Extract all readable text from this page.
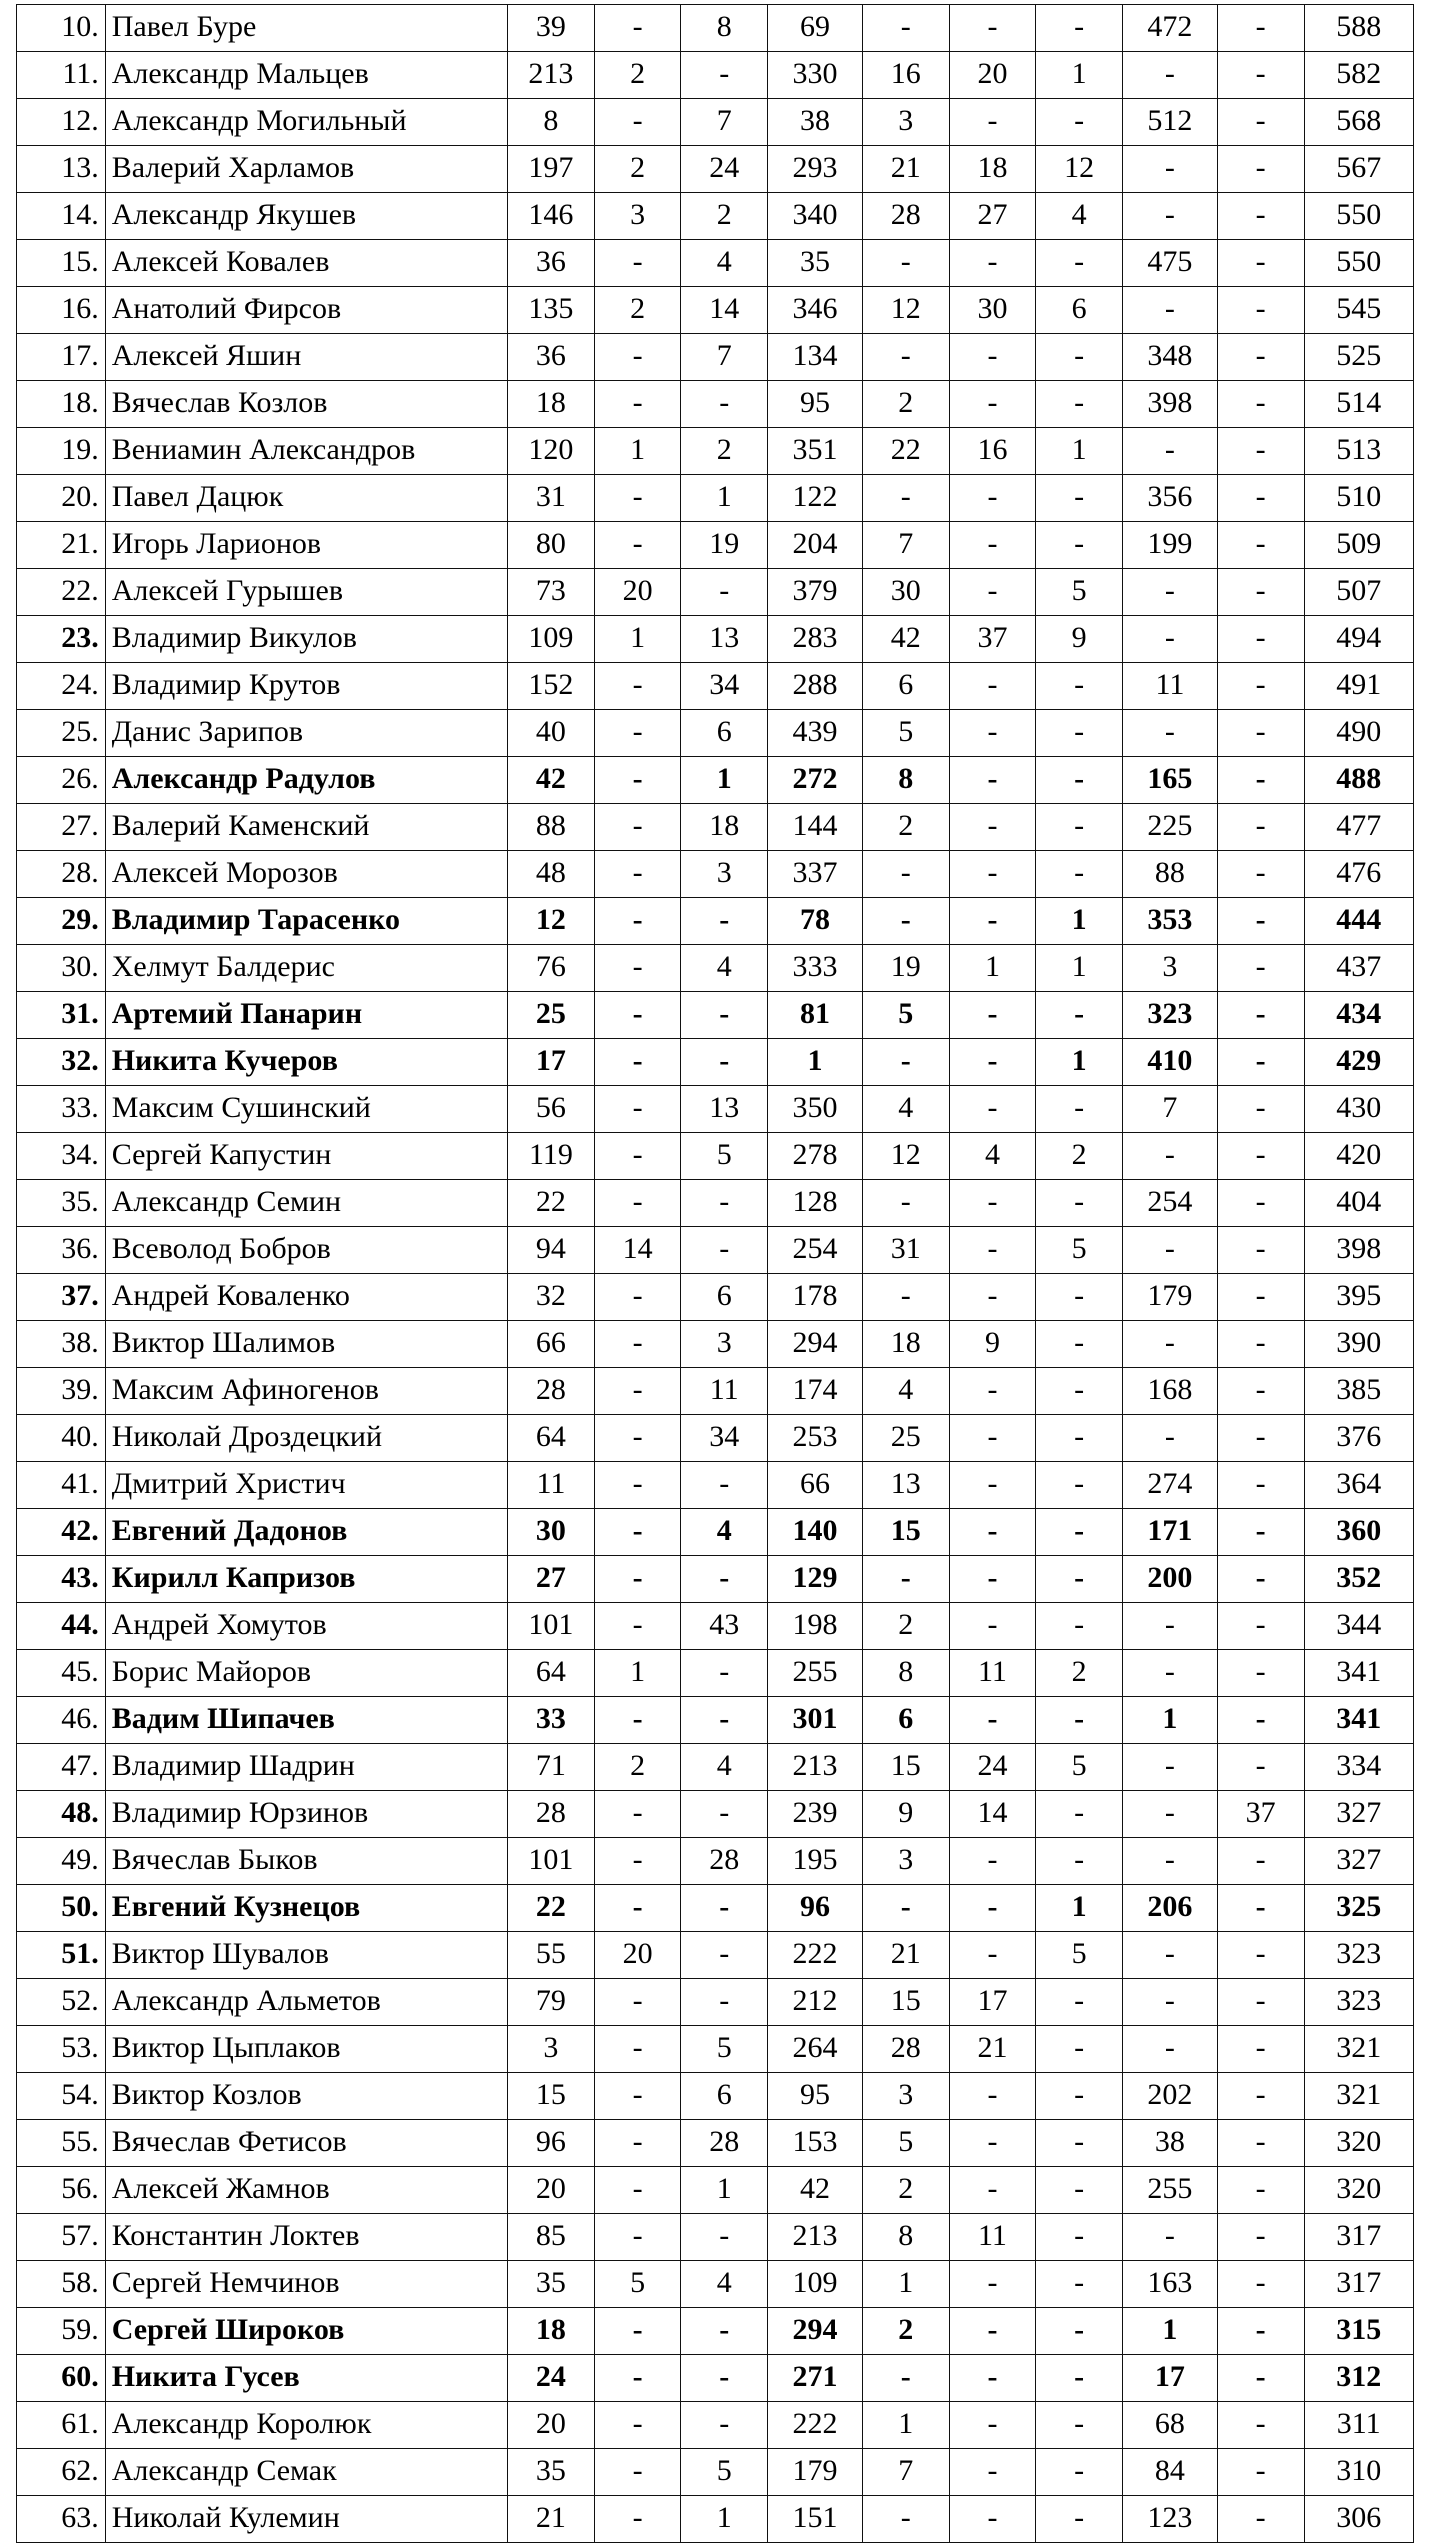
10.	Павел Буре	39	-	8	69	-	-	-	472	-	588
11.	Александр Мальцев	213	2	-	330	16	20	1	-	-	582
12.	Александр Могильный	8	-	7	38	3	-	-	512	-	568
13.	Валерий Харламов	197	2	24	293	21	18	12	-	-	567
14.	Александр Якушев	146	3	2	340	28	27	4	-	-	550
15.	Алексей Ковалев	36	-	4	35	-	-	-	475	-	550
16.	Анатолий Фирсов	135	2	14	346	12	30	6	-	-	545
17.	Алексей Яшин	36	-	7	134	-	-	-	348	-	525
18.	Вячеслав Козлов	18	-	-	95	2	-	-	398	-	514
19.	Вениамин Александров	120	1	2	351	22	16	1	-	-	513
20.	Павел Дацюк	31	-	1	122	-	-	-	356	-	510
21.	Игорь Ларионов	80	-	19	204	7	-	-	199	-	509
22.	Алексей Гурышев	73	20	-	379	30	-	5	-	-	507
23.	Владимир Викулов	109	1	13	283	42	37	9	-	-	494
24.	Владимир Крутов	152	-	34	288	6	-	-	11	-	491
25.	Данис Зарипов	40	-	6	439	5	-	-	-	-	490
26.	Александр Радулов	42	-	1	272	8	-	-	165	-	488
27.	Валерий Каменский	88	-	18	144	2	-	-	225	-	477
28.	Алексей Морозов	48	-	3	337	-	-	-	88	-	476
29.	Владимир Тарасенко	12	-	-	78	-	-	1	353	-	444
30.	Хелмут Балдерис	76	-	4	333	19	1	1	3	-	437
31.	Артемий Панарин	25	-	-	81	5	-	-	323	-	434
32.	Никита Кучеров	17	-	-	1	-	-	1	410	-	429
33.	Максим Сушинский	56	-	13	350	4	-	-	7	-	430
34.	Сергей Капустин	119	-	5	278	12	4	2	-	-	420
35.	Александр Семин	22	-	-	128	-	-	-	254	-	404
36.	Всеволод Бобров	94	14	-	254	31	-	5	-	-	398
37.	Андрей Коваленко	32	-	6	178	-	-	-	179	-	395
38.	Виктор Шалимов	66	-	3	294	18	9	-	-	-	390
39.	Максим Афиногенов	28	-	11	174	4	-	-	168	-	385
40.	Николай Дроздецкий	64	-	34	253	25	-	-	-	-	376
41.	Дмитрий Христич	11	-	-	66	13	-	-	274	-	364
42.	Евгений Дадонов	30	-	4	140	15	-	-	171	-	360
43.	Кирилл Капризов	27	-	-	129	-	-	-	200	-	352
44.	Андрей Хомутов	101	-	43	198	2	-	-	-	-	344
45.	Борис Майоров	64	1	-	255	8	11	2	-	-	341
46.	Вадим Шипачев	33	-	-	301	6	-	-	1	-	341
47.	Владимир Шадрин	71	2	4	213	15	24	5	-	-	334
48.	Владимир Юрзинов	28	-	-	239	9	14	-	-	37	327
49.	Вячеслав Быков	101	-	28	195	3	-	-	-	-	327
50.	Евгений Кузнецов	22	-	-	96	-	-	1	206	-	325
51.	Виктор Шувалов	55	20	-	222	21	-	5	-	-	323
52.	Александр Альметов	79	-	-	212	15	17	-	-	-	323
53.	Виктор Цыплаков	3	-	5	264	28	21	-	-	-	321
54.	Виктор Козлов	15	-	6	95	3	-	-	202	-	321
55.	Вячеслав Фетисов	96	-	28	153	5	-	-	38	-	320
56.	Алексей Жамнов	20	-	1	42	2	-	-	255	-	320
57.	Константин Локтев	85	-	-	213	8	11	-	-	-	317
58.	Сергей Немчинов	35	5	4	109	1	-	-	163	-	317
59.	Сергей Широков	18	-	-	294	2	-	-	1	-	315
60.	Никита Гусев	24	-	-	271	-	-	-	17	-	312
61.	Александр Королюк	20	-	-	222	1	-	-	68	-	311
62.	Александр Семак	35	-	5	179	7	-	-	84	-	310
63.	Николай Кулемин	21	-	1	151	-	-	-	123	-	306
